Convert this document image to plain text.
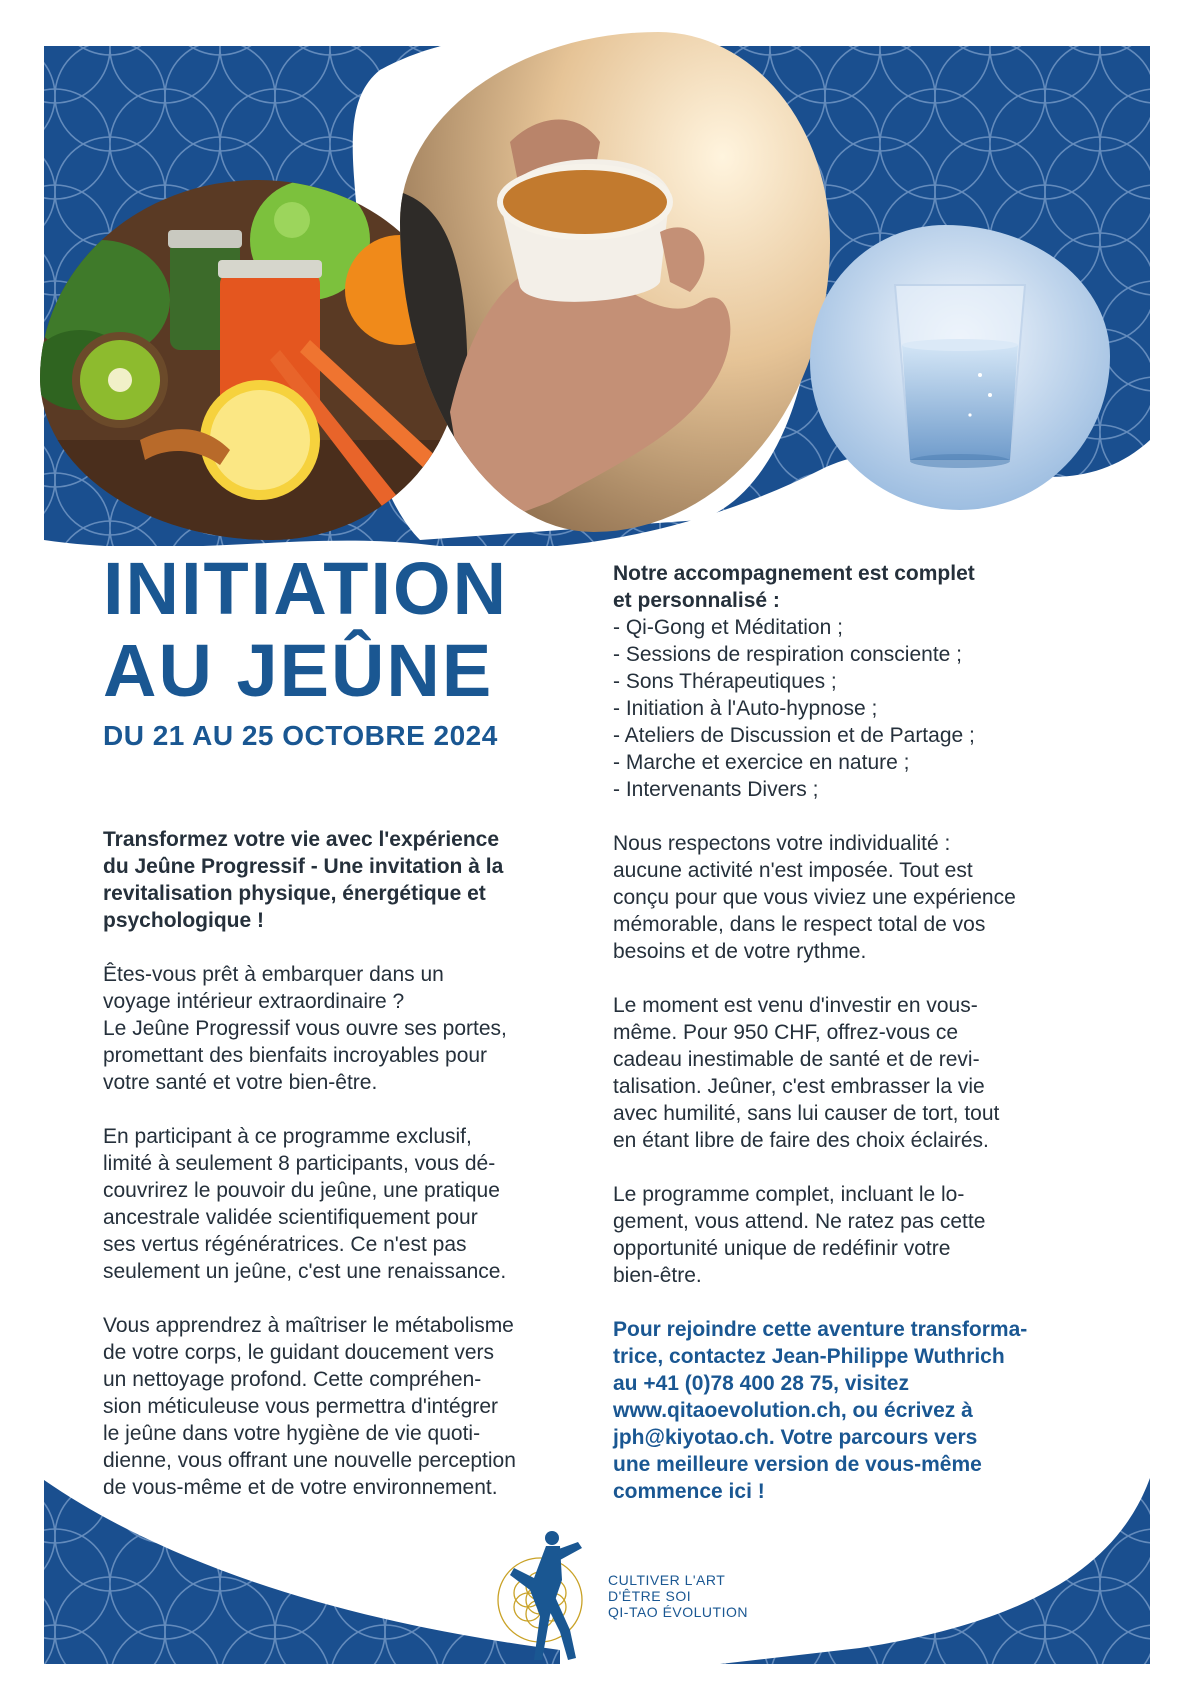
INITIATION
AU JEÛNE
DU 21 AU 25 OCTOBRE 2024

Transformez votre vie avec l'expérience
du Jeûne Progressif - Une invitation à la
revitalisation physique, énergétique et
psychologique !

Êtes-vous prêt à embarquer dans un
voyage intérieur extraordinaire ?
Le Jeûne Progressif vous ouvre ses portes,
promettant des bienfaits incroyables pour
votre santé et votre bien-être.

En participant à ce programme exclusif,
limité à seulement 8 participants, vous dé-
couvrirez le pouvoir du jeûne, une pratique
ancestrale validée scientifiquement pour
ses vertus régénératrices. Ce n'est pas
seulement un jeûne, c'est une renaissance.

Vous apprendrez à maîtriser le métabolisme
de votre corps, le guidant doucement vers
un nettoyage profond. Cette compréhen-
sion méticuleuse vous permettra d'intégrer
le jeûne dans votre hygiène de vie quoti-
dienne, vous offrant une nouvelle perception
de vous-même et de votre environnement.

Notre accompagnement est complet
et personnalisé :
- Qi-Gong et Méditation ;
- Sessions de respiration consciente ;
- Sons Thérapeutiques ;
- Initiation à l'Auto-hypnose ;
- Ateliers de Discussion et de Partage ;
- Marche et exercice en nature ;
- Intervenants Divers ;

Nous respectons votre individualité :
aucune activité n'est imposée. Tout est
conçu pour que vous viviez une expérience
mémorable, dans le respect total de vos
besoins et de votre rythme.

Le moment est venu d'investir en vous-
même. Pour 950 CHF, offrez-vous ce
cadeau inestimable de santé et de revi-
talisation. Jeûner, c'est embrasser la vie
avec humilité, sans lui causer de tort, tout
en étant libre de faire des choix éclairés.

Le programme complet, incluant le lo-
gement, vous attend. Ne ratez pas cette
opportunité unique de redéfinir votre
bien-être.

Pour rejoindre cette aventure transforma-
trice, contactez Jean-Philippe Wuthrich
au +41 (0)78 400 28 75, visitez
www.qitaoevolution.ch, ou écrivez à
jph@kiyotao.ch. Votre parcours vers
une meilleure version de vous-même
commence ici !

CULTIVER L'ART
D'ÊTRE SOI
QI-TAO ÉVOLUTION
